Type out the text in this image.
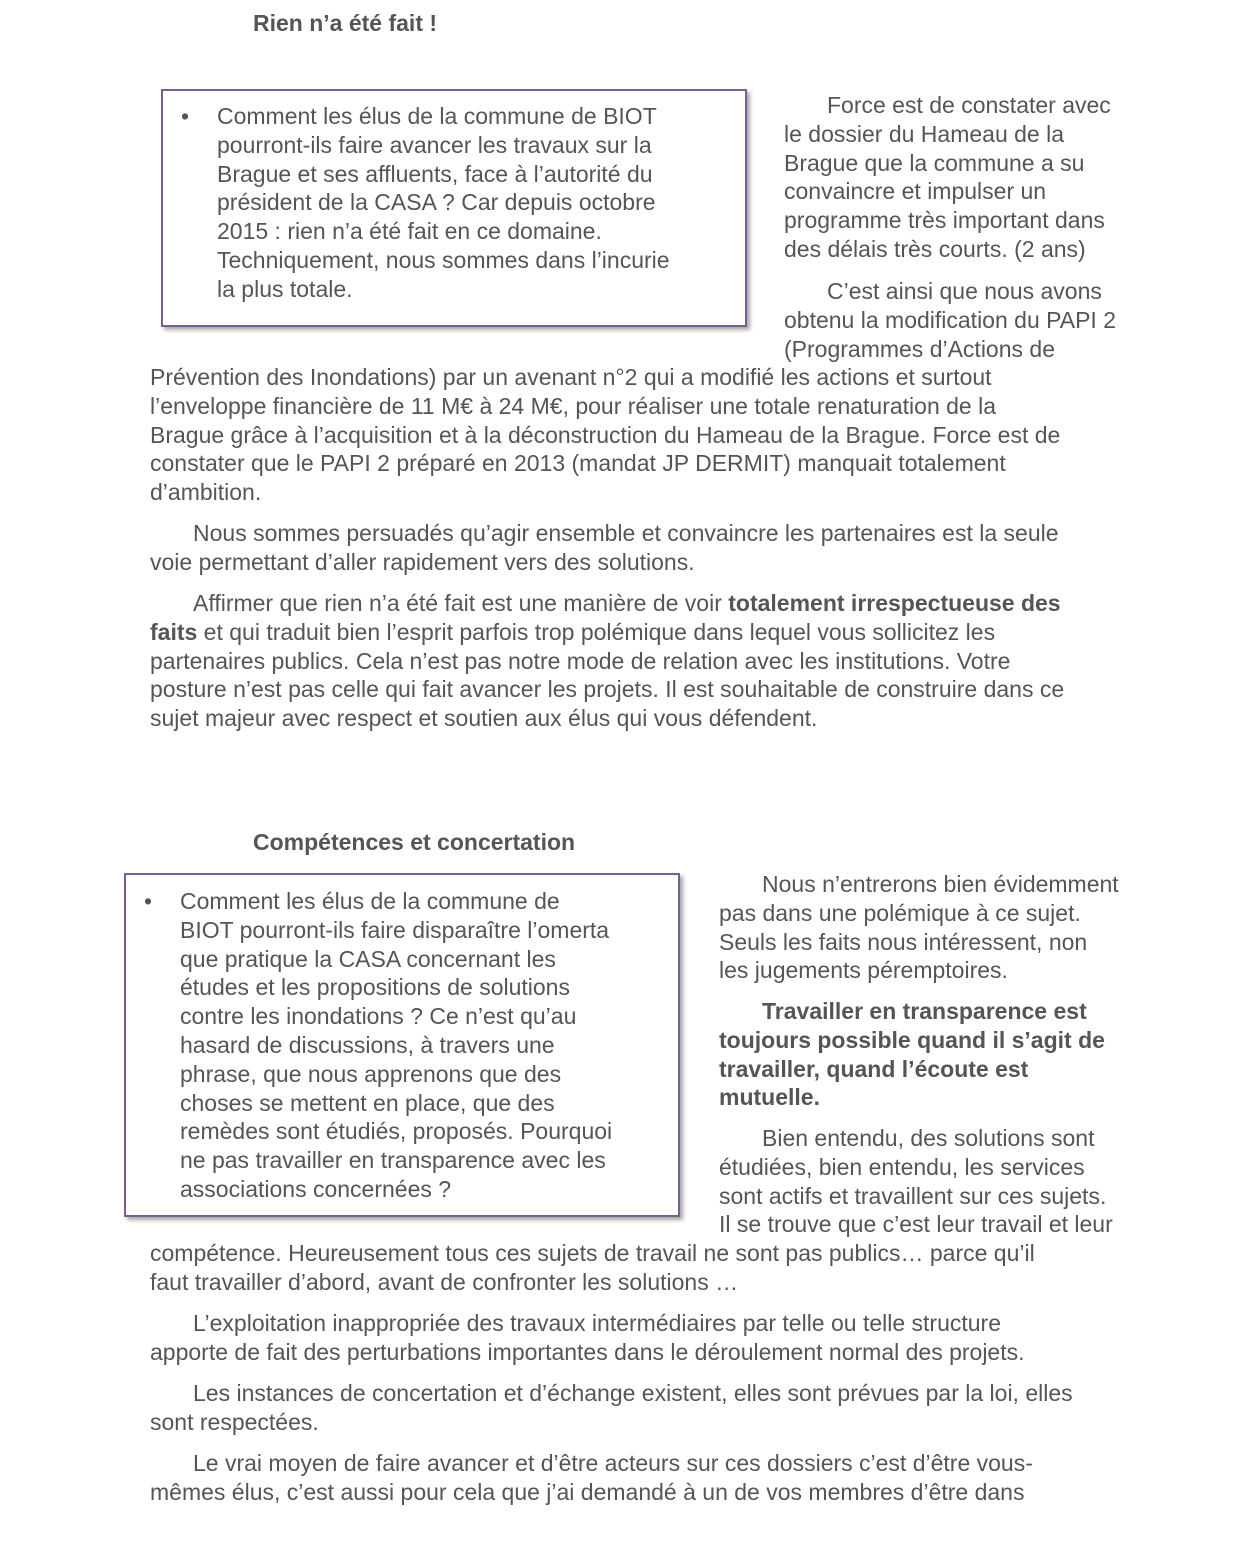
Rien n’a été fait !
• Comment les élus de la commune de BIOT
pourront-ils faire avancer les travaux sur la
Brague et ses affluents, face à l’autorité du
président de la CASA ? Car depuis octobre
2015 : rien n’a été fait en ce domaine.
Techniquement, nous sommes dans l’incurie
la plus totale.
Force est de constater avec
le dossier du Hameau de la
Brague que la commune a su
convaincre et impulser un
programme très important dans
des délais très courts. (2 ans)
C’est ainsi que nous avons
obtenu la modification du PAPI 2
(Programmes d’Actions de
Prévention des Inondations) par un avenant n°2 qui a modifié les actions et surtout
l’enveloppe financière de 11 M€ à 24 M€, pour réaliser une totale renaturation de la
Brague grâce à l’acquisition et à la déconstruction du Hameau de la Brague. Force est de
constater que le PAPI 2 préparé en 2013 (mandat JP DERMIT) manquait totalement
d’ambition.
Nous sommes persuadés qu’agir ensemble et convaincre les partenaires est la seule
voie permettant d’aller rapidement vers des solutions.
Affirmer que rien n’a été fait est une manière de voir totalement irrespectueuse des
faits et qui traduit bien l’esprit parfois trop polémique dans lequel vous sollicitez les
partenaires publics. Cela n’est pas notre mode de relation avec les institutions. Votre
posture n’est pas celle qui fait avancer les projets. Il est souhaitable de construire dans ce
sujet majeur avec respect et soutien aux élus qui vous défendent.
Compétences et concertation
• Comment les élus de la commune de
BIOT pourront-ils faire disparaître l’omerta
que pratique la CASA concernant les
études et les propositions de solutions
contre les inondations ? Ce n’est qu’au
hasard de discussions, à travers une
phrase, que nous apprenons que des
choses se mettent en place, que des
remèdes sont étudiés, proposés. Pourquoi
ne pas travailler en transparence avec les
associations concernées ?
Nous n’entrerons bien évidemment
pas dans une polémique à ce sujet.
Seuls les faits nous intéressent, non
les jugements péremptoires.
Travailler en transparence est
toujours possible quand il s’agit de
travailler, quand l’écoute est
mutuelle.
Bien entendu, des solutions sont
étudiées, bien entendu, les services
sont actifs et travaillent sur ces sujets.
Il se trouve que c’est leur travail et leur
compétence. Heureusement tous ces sujets de travail ne sont pas publics… parce qu’il
faut travailler d’abord, avant de confronter les solutions …
L’exploitation inappropriée des travaux intermédiaires par telle ou telle structure
apporte de fait des perturbations importantes dans le déroulement normal des projets.
Les instances de concertation et d’échange existent, elles sont prévues par la loi, elles
sont respectées.
Le vrai moyen de faire avancer et d’être acteurs sur ces dossiers c’est d’être vous-
mêmes élus, c’est aussi pour cela que j’ai demandé à un de vos membres d’être dans
